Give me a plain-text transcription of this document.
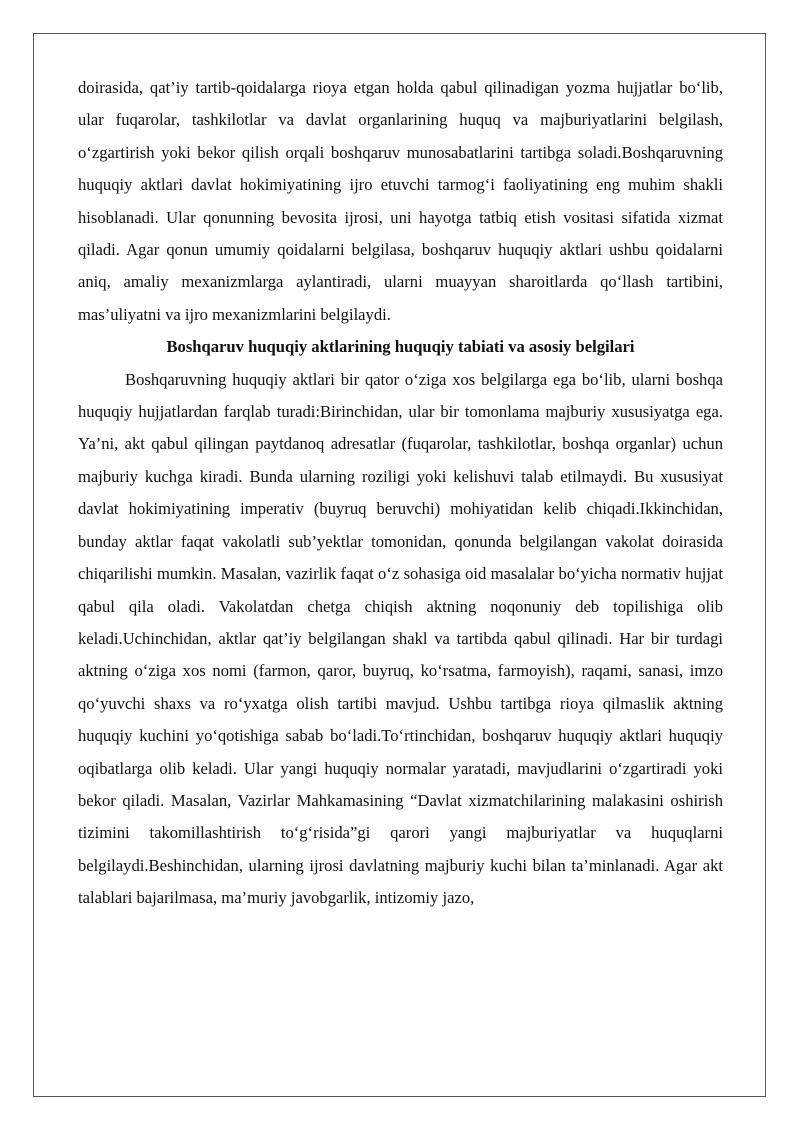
doirasida, qat’iy tartib-qoidalarga rioya etgan holda qabul qilinadigan yozma hujjatlar bo‘lib, ular fuqarolar, tashkilotlar va davlat organlarining huquq va majburiyatlarini belgilash, o‘zgartirish yoki bekor qilish orqali boshqaruv munosabatlarini tartibga soladi.Boshqaruvning huquqiy aktlari davlat hokimiyatining ijro etuvchi tarmog‘i faoliyatining eng muhim shakli hisoblanadi. Ular qonunning bevosita ijrosi, uni hayotga tatbiq etish vositasi sifatida xizmat qiladi. Agar qonun umumiy qoidalarni belgilasa, boshqaruv huquqiy aktlari ushbu qoidalarni aniq, amaliy mexanizmlarga aylantiradi, ularni muayyan sharoitlarda qo‘llash tartibini, mas’uliyatni va ijro mexanizmlarini belgilaydi.

Boshqaruv huquqiy aktlarining huquqiy tabiati va asosiy belgilari

Boshqaruvning huquqiy aktlari bir qator o‘ziga xos belgilarga ega bo‘lib, ularni boshqa huquqiy hujjatlardan farqlab turadi:Birinchidan, ular bir tomonlama majburiy xususiyatga ega. Ya’ni, akt qabul qilingan paytdanoq adresatlar (fuqarolar, tashkilotlar, boshqa organlar) uchun majburiy kuchga kiradi. Bunda ularning roziligi yoki kelishuvi talab etilmaydi. Bu xususiyat davlat hokimiyatining imperativ (buyruq beruvchi) mohiyatidan kelib chiqadi.Ikkinchidan, bunday aktlar faqat vakolatli sub’yektlar tomonidan, qonunda belgilangan vakolat doirasida chiqarilishi mumkin. Masalan, vazirlik faqat o‘z sohasiga oid masalalar bo‘yicha normativ hujjat qabul qila oladi. Vakolatdan chetga chiqish aktning noqonuniy deb topilishiga olib keladi.Uchinchidan, aktlar qat’iy belgilangan shakl va tartibda qabul qilinadi. Har bir turdagi aktning o‘ziga xos nomi (farmon, qaror, buyruq, ko‘rsatma, farmoyish), raqami, sanasi, imzo qo‘yuvchi shaxs va ro‘yxatga olish tartibi mavjud. Ushbu tartibga rioya qilmaslik aktning huquqiy kuchini yo‘qotishiga sabab bo‘ladi.To‘rtinchidan, boshqaruv huquqiy aktlari huquqiy oqibatlarga olib keladi. Ular yangi huquqiy normalar yaratadi, mavjudlarini o‘zgartiradi yoki bekor qiladi. Masalan, Vazirlar Mahkamasining “Davlat xizmatchilarining malakasini oshirish tizimini takomillashtirish to‘g‘risida”gi qarori yangi majburiyatlar va huquqlarni belgilaydi.Beshinchidan, ularning ijrosi davlatning majburiy kuchi bilan ta’minlanadi. Agar akt talablari bajarilmasa, ma’muriy javobgarlik, intizomiy jazo,
